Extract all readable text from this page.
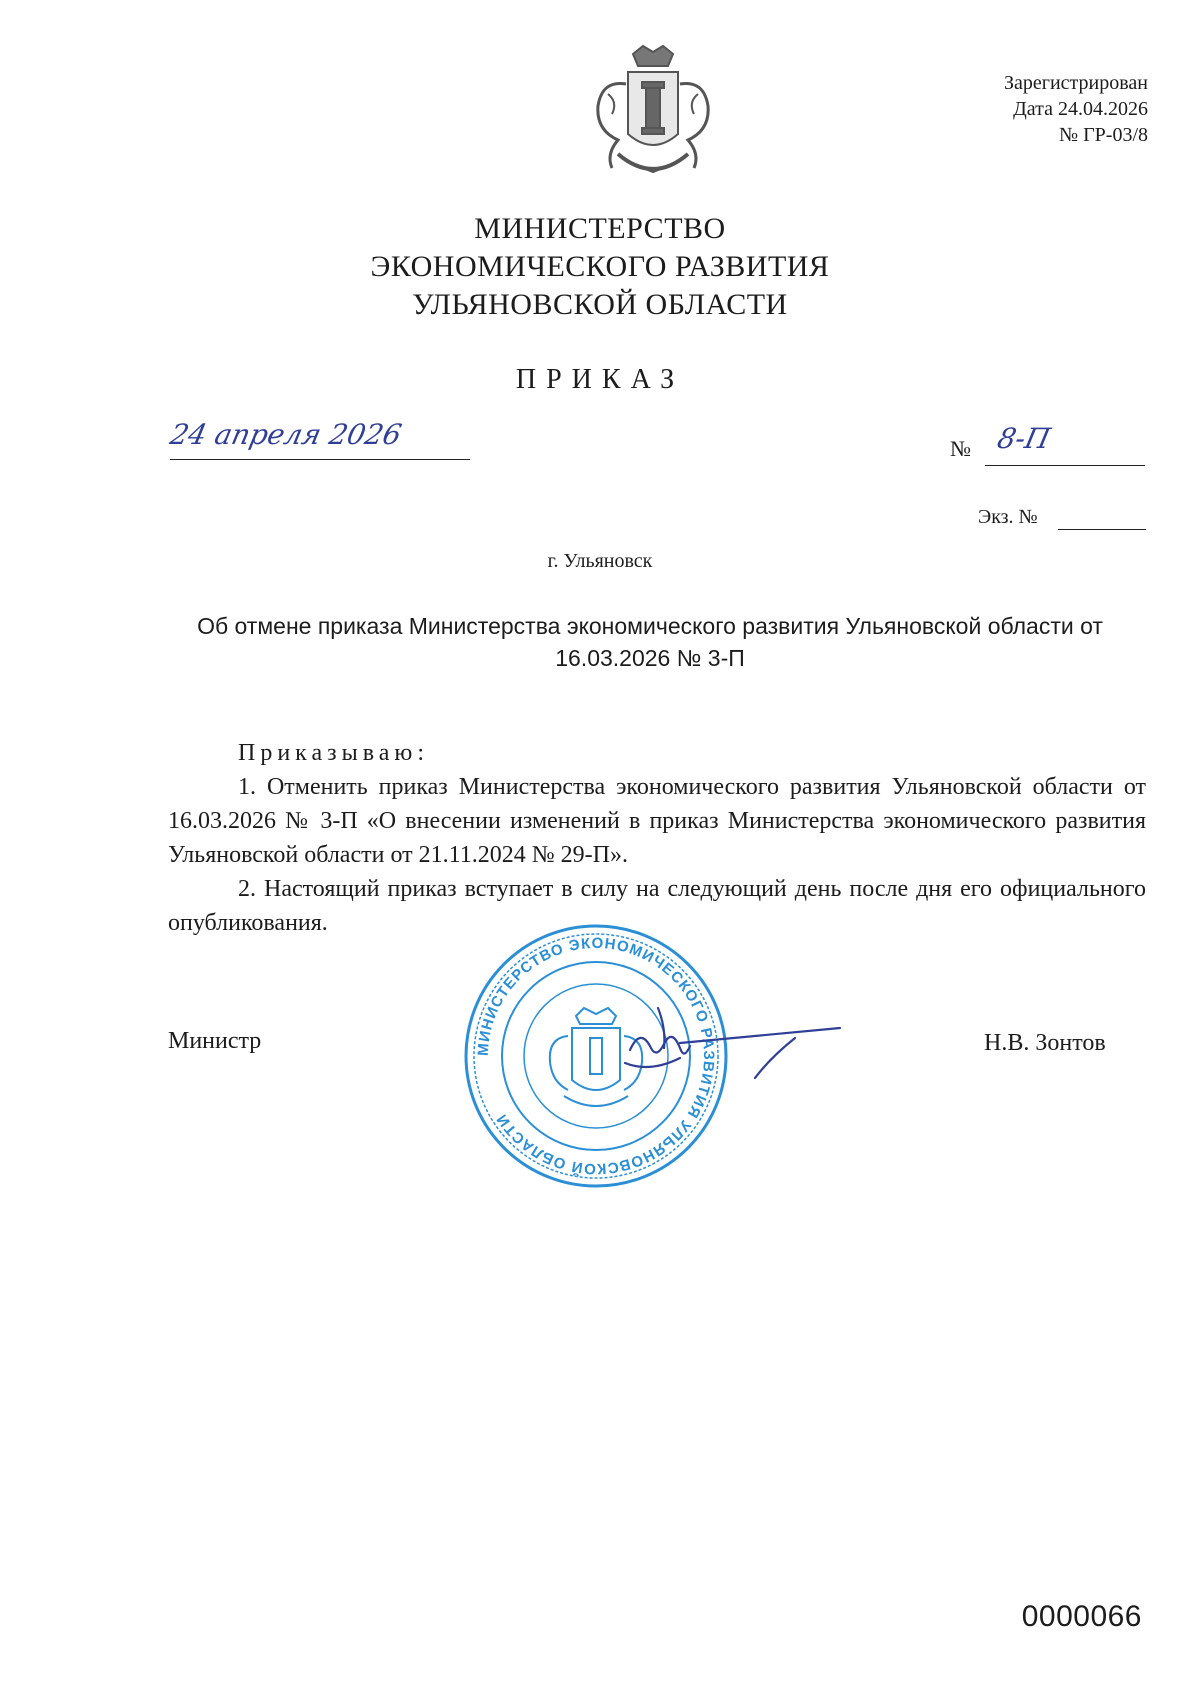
Зарегистрирован
Дата 24.04.2026
№ ГР-03/8
МИНИСТЕРСТВО
ЭКОНОМИЧЕСКОГО РАЗВИТИЯ
УЛЬЯНОВСКОЙ ОБЛАСТИ
ПРИКАЗ
24 апреля 2026	№ 8-П
Экз. №
г. Ульяновск
Об отмене приказа Министерства экономического развития Ульяновской области от 16.03.2026 № 3-П

Приказываю:

1. Отменить приказ Министерства экономического развития Ульяновской области от 16.03.2026 № 3-П «О внесении изменений в приказ Министерства экономического развития Ульяновской области от 21.11.2024 № 29-П».

2. Настоящий приказ вступает в силу на следующий день после дня его официального опубликования.

МИНИСТЕРСТВО ЭКОНОМИЧЕСКОГО РАЗВИТИЯ УЛЬЯНОВСКОЙ ОБЛАСТИ
Министр	Н.В. Зонтов
0000066
